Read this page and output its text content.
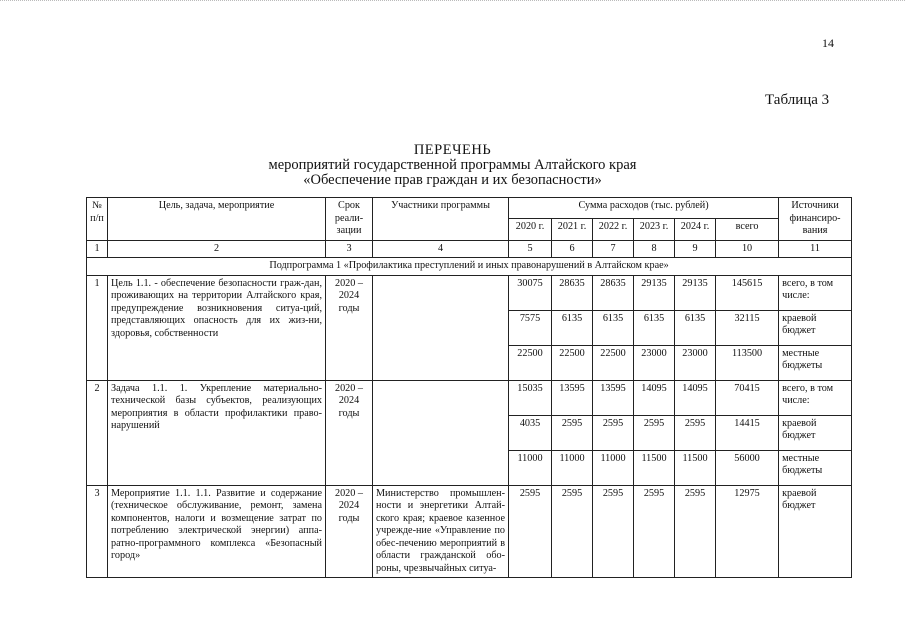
14
Таблица 3
ПЕРЕЧЕНЬ
мероприятий государственной программы Алтайского края
«Обеспечение прав граждан и их безопасности»
№ п/п	Цель, задача, мероприятие	Срок реали-зации	Участники программы	Сумма расходов (тыс. рублей)						Источники финансиро-вания
				2020 г.	2021 г.	2022 г.	2023 г.	2024 г.	всего	
1	2	3	4	5	6	7	8	9	10	11
Подпрограмма 1 «Профилактика преступлений и иных правонарушений в Алтайском крае»										
1	Цель 1.1. - обеспечение безопасности граж-дан, проживающих на территории Алтайского края, предупреждение возникновения ситуа-ций, представляющих опасность для их жиз-ни, здоровья, собственности	2020 – 2024 годы		30075	28635	28635	29135	29135	145615	всего, в том числе:
				7575	6135	6135	6135	6135	32115	краевой бюджет
				22500	22500	22500	23000	23000	113500	местные бюджеты
2	Задача 1.1. 1. Укрепление материально-технической базы субъектов, реализующих мероприятия в области профилактики право-нарушений	2020 – 2024 годы		15035	13595	13595	14095	14095	70415	всего, в том числе:
				4035	2595	2595	2595	2595	14415	краевой бюджет
				11000	11000	11000	11500	11500	56000	местные бюджеты
3	Мероприятие 1.1. 1.1. Развитие и содержание (техническое обслуживание, ремонт, замена компонентов, налоги и возмещение затрат по потреблению электрической энергии) аппа-ратно-программного комплекса «Безопасный город»	2020 – 2024 годы	Министерство промышлен-ности и энергетики Алтай-ского края; краевое казенное учрежде-ние «Управление по обес-печению мероприятий в области гражданской обо-роны, чрезвычайных ситуа-	2595	2595	2595	2595	2595	12975	краевой бюджет
